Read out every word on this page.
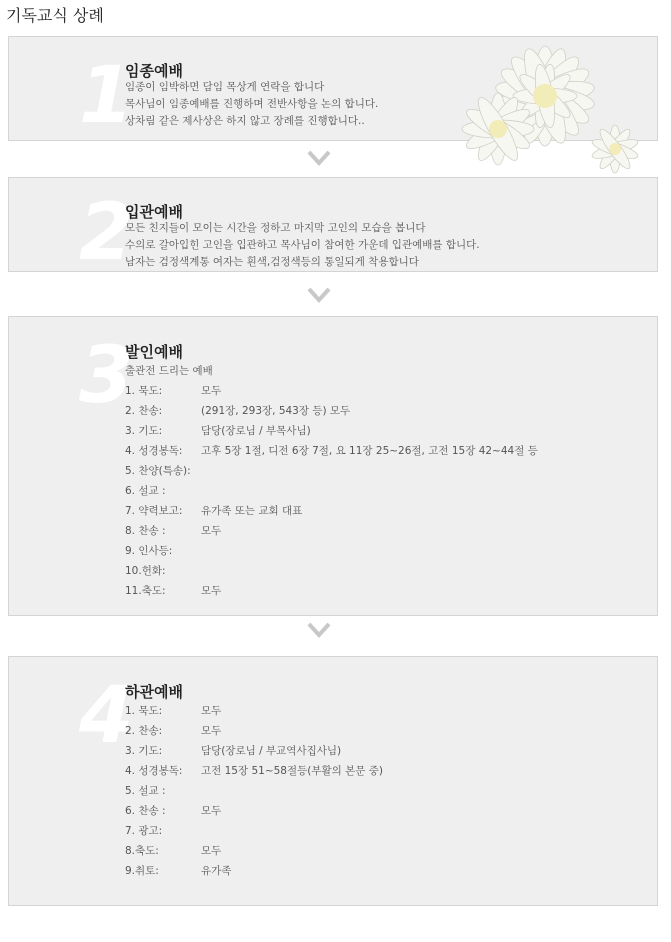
기독교식 상례
1
임종예배
임종이 임박하면 담임 목상게 연락을 합니다
목사님이 임종예배를 진행하며 전반사항을 논의 합니다.
상차림 같은 제사상은 하지 않고 장례를 진행합니다..
2
입관예배
모든 친지들이 모이는 시간을 정하고 마지막 고인의 모습을 봅니다
수의로 갈아입힌 고인을 입관하고 목사님이 참여한 가운데 입관예배를 합니다.
남자는 검정색계통 여자는 흰색,검정색등의 통일되게 착용합니다
3
발인예배
출관전 드리는 예배
1. 묵도:	모두
2. 찬송:	(291장, 293장, 543장 등) 모두
3. 기도:	담당(장로님 / 부목사님)
4. 성경봉독: 고후 5장 1절, 디전 6장 7절, 요 11장 25~26절, 고전 15장 42~44절 등
5. 찬양(특송):
6. 설교 :
7. 약력보고: 유가족 또는 교회 대표
8. 찬송 :	모두
9. 인사등:
10.헌화:
11.축도:	모두
4
하관예배
1. 묵도:	모두
2. 찬송:	모두
3. 기도:	담당(장로님 / 부교역사집사님)
4. 성경봉독: 고전 15장 51~58절등(부활의 본문 중)
5. 설교 :
6. 찬송 :	모두
7. 광고:
8.축도:	모두
9.취토:	유가족
